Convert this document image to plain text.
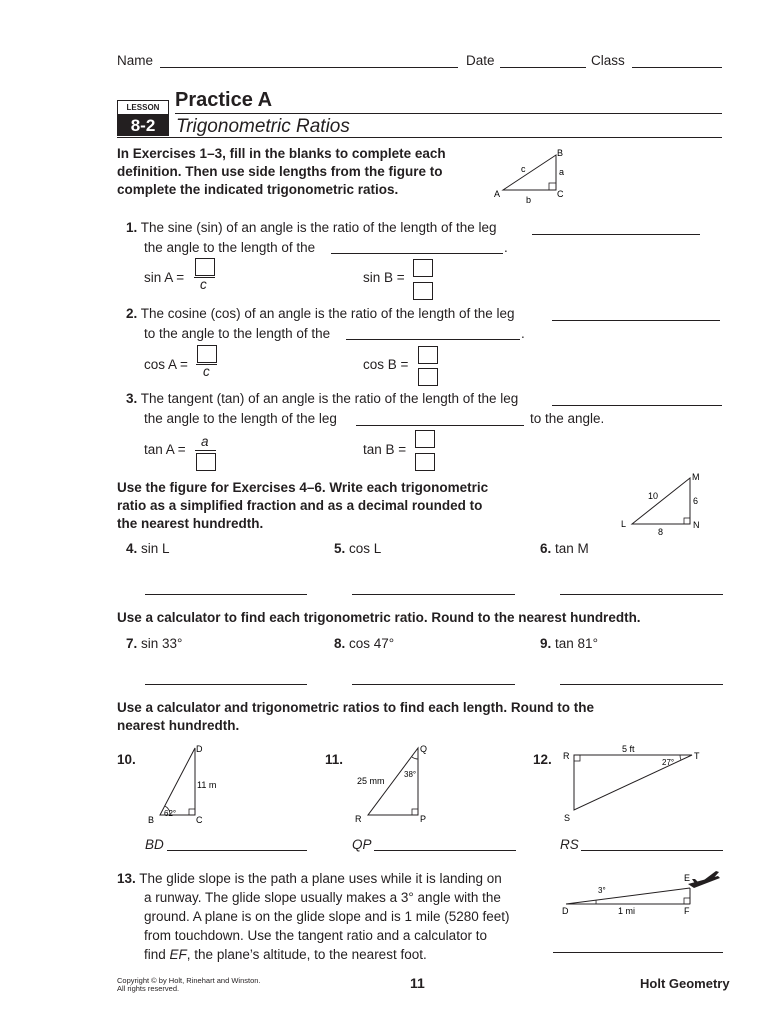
Name	Date	Class
LESSON
8-2
Practice A
Trigonometric Ratios
In Exercises 1–3, fill in the blanks to complete each
definition. Then use side lengths from the figure to
complete the indicated trigonometric ratios.	A
B
C
a
b
c
1. The sine (sin) of an angle is the ratio of the length of the leg
the angle to the length of the	.
sin A = c	sin B =
2. The cosine (cos) of an angle is the ratio of the length of the leg
to the angle to the length of the	.
cos A = c	cos B =
3. The tangent (tan) of an angle is the ratio of the length of the leg
the angle to the length of the leg	to the angle.
tan A =
a
tan B =
Use the figure for Exercises 4–6. Write each trigonometric
ratio as a simplified fraction and as a decimal rounded to
the nearest hundredth.
M
L	N
10	6
8
4. sin L	5. cos L	6. tan M
Use a calculator to find each trigonometric ratio. Round to the nearest hundredth.
7. sin 33°	8. cos 47°	9. tan 81°
Use a calculator and trigonometric ratios to find each length. Round to the
nearest hundredth.
10.
D
B	C
11 m
62°
BD
11.
Q
R	P
25 mm
38°
QP
12. R	T
S
5 ft
27°
RS
13. The glide slope is the path a plane uses while it is landing on
a runway. The glide slope usually makes a 3° angle with the
ground. A plane is on the glide slope and is 1 mile (5280 feet)
from touchdown. Use the tangent ratio and a calculator to
find EF, the plane’s altitude, to the nearest foot.
E
D	F
3°
1 mi
Copyright © by Holt, Rinehart and Winston.
All rights reserved.	11	Holt Geometry
